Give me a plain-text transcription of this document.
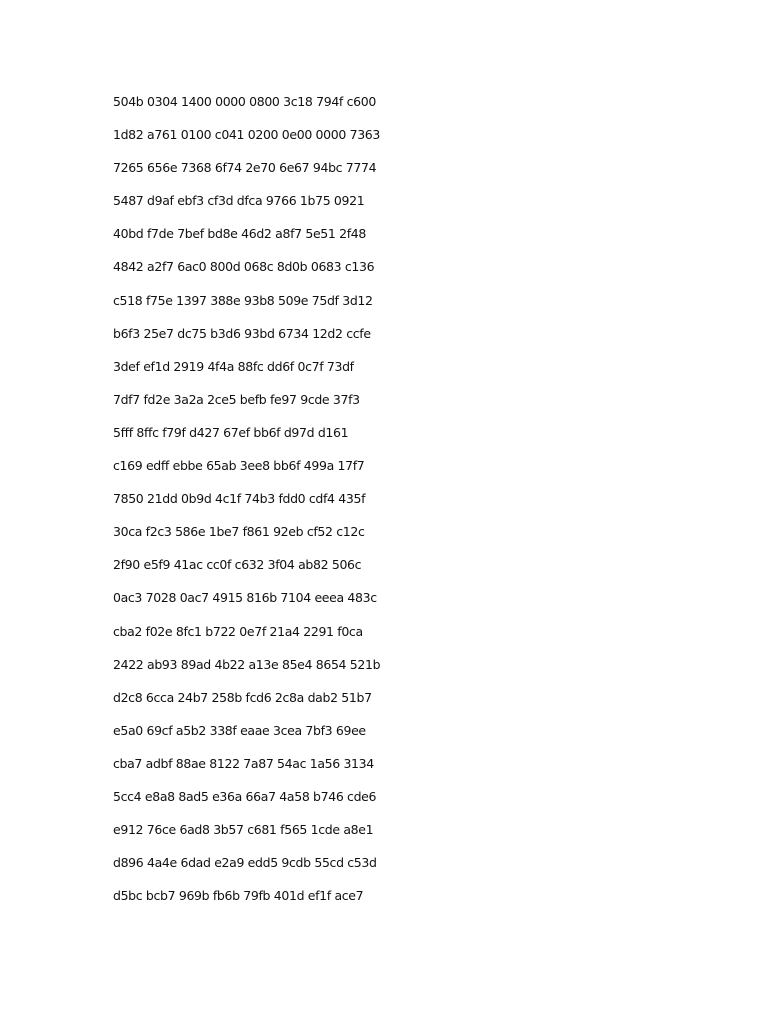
504b 0304 1400 0000 0800 3c18 794f c600
1d82 a761 0100 c041 0200 0e00 0000 7363
7265 656e 7368 6f74 2e70 6e67 94bc 7774
5487 d9af ebf3 cf3d dfca 9766 1b75 0921
40bd f7de 7bef bd8e 46d2 a8f7 5e51 2f48
4842 a2f7 6ac0 800d 068c 8d0b 0683 c136
c518 f75e 1397 388e 93b8 509e 75df 3d12
b6f3 25e7 dc75 b3d6 93bd 6734 12d2 ccfe
3def ef1d 2919 4f4a 88fc dd6f 0c7f 73df
7df7 fd2e 3a2a 2ce5 befb fe97 9cde 37f3
5fff 8ffc f79f d427 67ef bb6f d97d d161
c169 edff ebbe 65ab 3ee8 bb6f 499a 17f7
7850 21dd 0b9d 4c1f 74b3 fdd0 cdf4 435f
30ca f2c3 586e 1be7 f861 92eb cf52 c12c
2f90 e5f9 41ac cc0f c632 3f04 ab82 506c
0ac3 7028 0ac7 4915 816b 7104 eeea 483c
cba2 f02e 8fc1 b722 0e7f 21a4 2291 f0ca
2422 ab93 89ad 4b22 a13e 85e4 8654 521b
d2c8 6cca 24b7 258b fcd6 2c8a dab2 51b7
e5a0 69cf a5b2 338f eaae 3cea 7bf3 69ee
cba7 adbf 88ae 8122 7a87 54ac 1a56 3134
5cc4 e8a8 8ad5 e36a 66a7 4a58 b746 cde6
e912 76ce 6ad8 3b57 c681 f565 1cde a8e1
d896 4a4e 6dad e2a9 edd5 9cdb 55cd c53d
d5bc bcb7 969b fb6b 79fb 401d ef1f ace7
